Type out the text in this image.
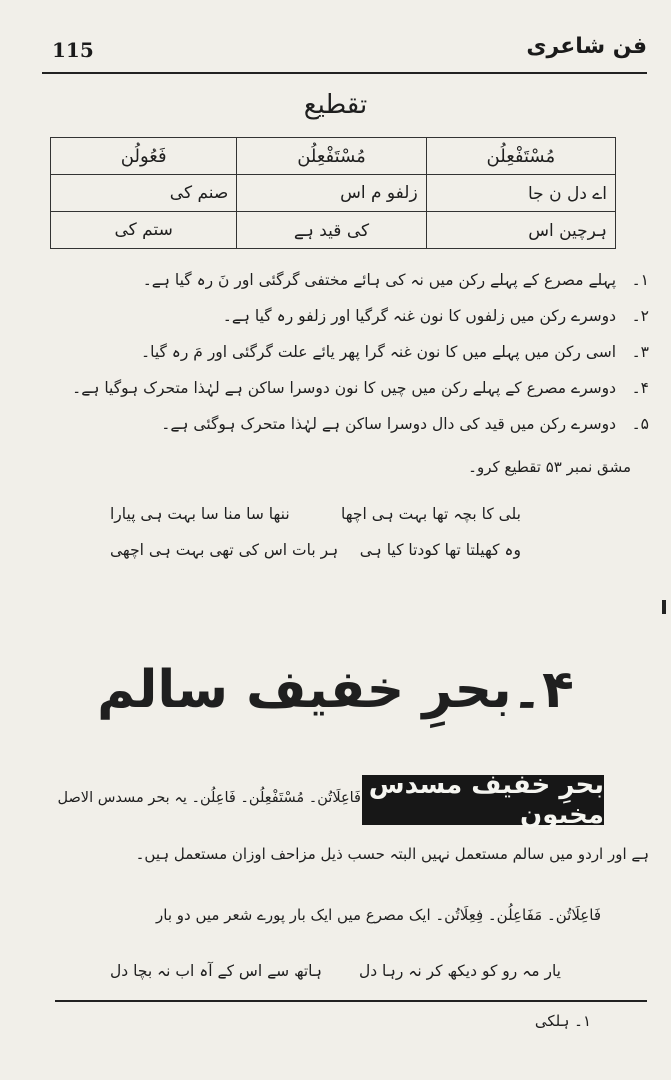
115	فن شاعری
تقطیع
مُسْتَفْعِلُن	مُسْتَفْعِلُن	فَعُولُن
اے دل ن جا	زلفو م اس	صنم کی
ہرچین اس	کی قید ہے	ستم کی
۱۔ پہلے مصرع کے پہلے رکن میں نہ کی ہائے مختفی گرگئی اور نَ رہ گیا ہے۔
۲۔ دوسرے رکن میں زلفوں کا نون غنہ گرگیا اور زلفو رہ گیا ہے۔
۳۔ اسی رکن میں پہلے میں کا نون غنہ گرا پھر یائے علت گرگئی اور مَ رہ گیا۔
۴۔ دوسرے مصرع کے پہلے رکن میں چیں کا نون دوسرا ساکن ہے لہٰذا متحرک ہوگیا ہے۔
۵۔ دوسرے رکن میں قید کی دال دوسرا ساکن ہے لہٰذا متحرک ہوگئی ہے۔
مشق نمبر ۵۳ تقطیع کرو۔
بلی کا بچہ تھا بہت ہی اچھا
ننھا سا منا سا بہت ہی پیارا
وہ کھیلتا تھا کودتا کیا ہی
ہر بات اس کی تھی بہت ہی اچھی
۴۔بحرِ خفیف سالم
بحرِ خفیف مسدس مخبون
فَاعِلَاتُن۔ مُسْتَفْعِلُن۔ فَاعِلُن۔ یہ بحر مسدس الاصل
ہے اور اردو میں سالم مستعمل نہیں البتہ حسب ذیل مزاحف اوزان مستعمل ہیں۔
فَاعِلَاتُن۔ مَفَاعِلُن۔ فِعِلَاتُن۔ ایک مصرع میں ایک بار پورے شعر میں دو بار
یار مہ رو کو دیکھ کر نہ رہا دل
ہاتھ سے اس کے آہ اب نہ بچا دل
۱۔ ہلکی
